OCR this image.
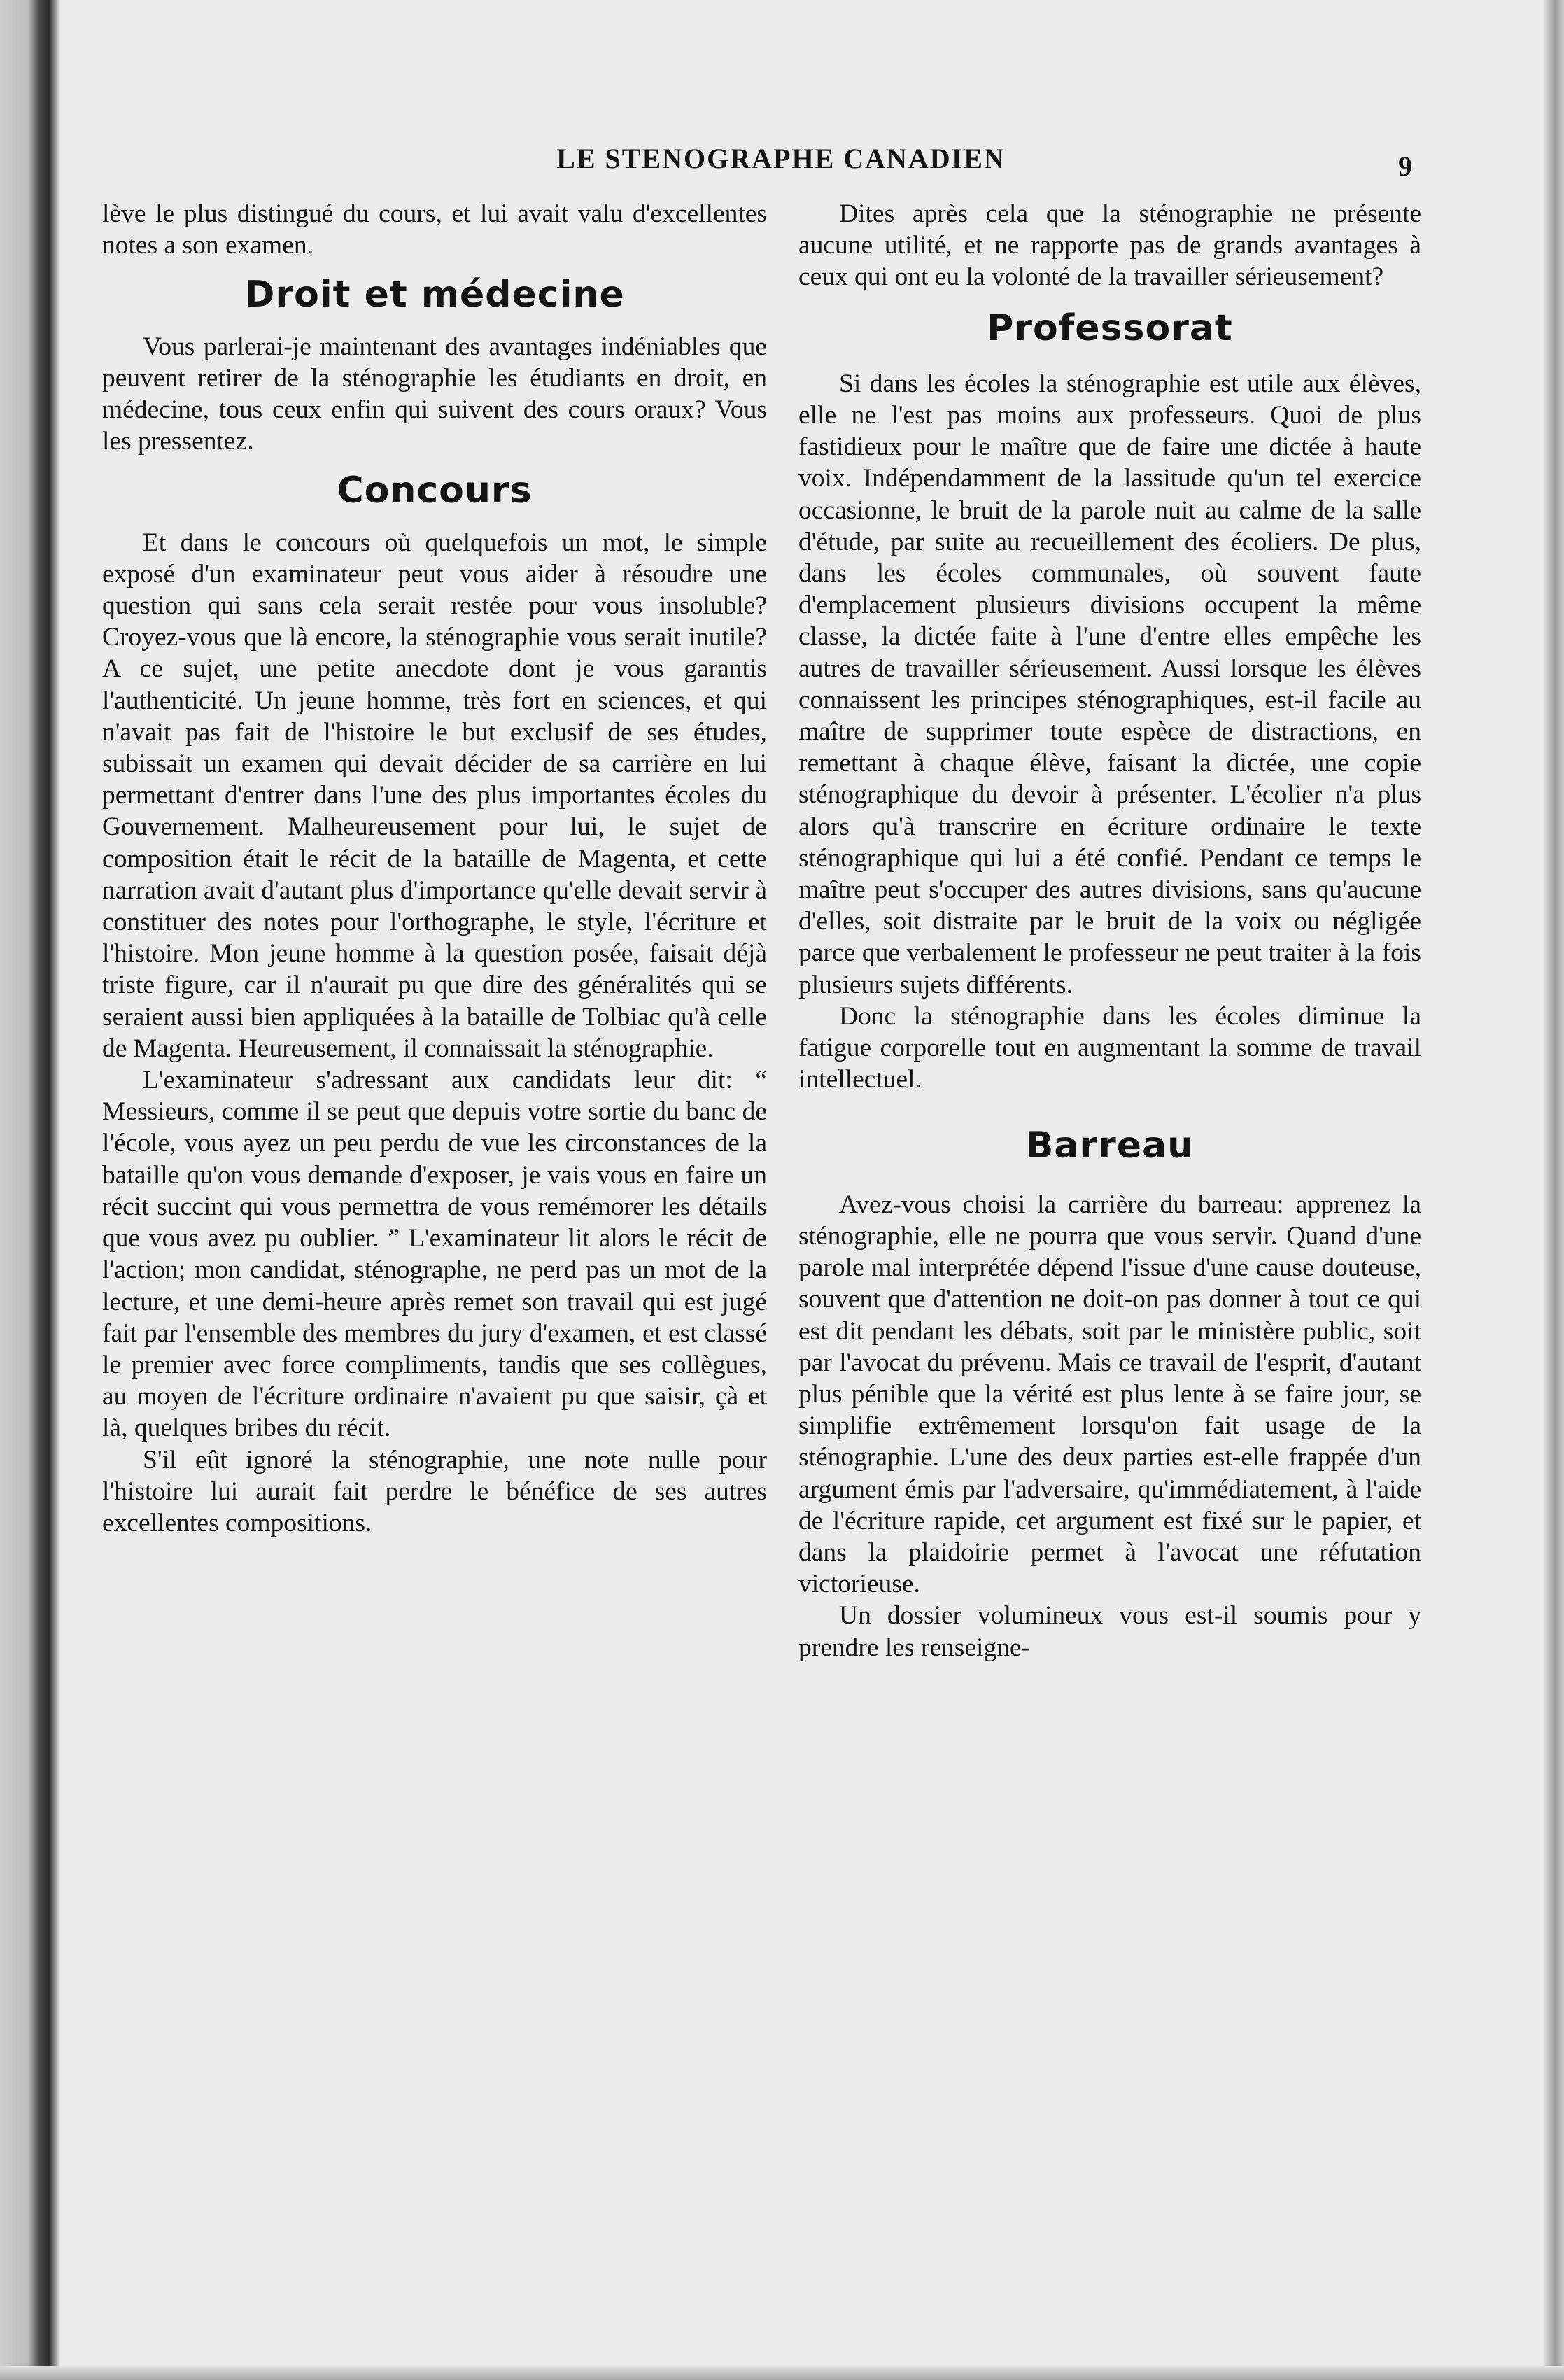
LE STENOGRAPHE CANADIEN	9

lève le plus distingué du cours, et lui avait valu d'excellentes notes a son examen.

Droit et médecine

Vous parlerai-je maintenant des avantages indéniables que peuvent retirer de la sténographie les étudiants en droit, en médecine, tous ceux enfin qui suivent des cours oraux? Vous les pressentez.

Concours

Et dans le concours où quelquefois un mot, le simple exposé d'un examinateur peut vous aider à résoudre une question qui sans cela serait restée pour vous insoluble? Croyez-vous que là encore, la sténographie vous serait inutile? A ce sujet, une petite anecdote dont je vous garantis l'authenticité. Un jeune homme, très fort en sciences, et qui n'avait pas fait de l'histoire le but exclusif de ses études, subissait un examen qui devait décider de sa carrière en lui permettant d'entrer dans l'une des plus importantes écoles du Gouvernement. Malheureusement pour lui, le sujet de composition était le récit de la bataille de Magenta, et cette narration avait d'autant plus d'importance qu'elle devait servir à constituer des notes pour l'orthographe, le style, l'écriture et l'histoire. Mon jeune homme à la question posée, faisait déjà triste figure, car il n'aurait pu que dire des généralités qui se seraient aussi bien appliquées à la bataille de Tolbiac qu'à celle de Magenta. Heureusement, il connaissait la sténographie.

L'examinateur s'adressant aux candidats leur dit: “ Messieurs, comme il se peut que depuis votre sortie du banc de l'école, vous ayez un peu perdu de vue les circonstances de la bataille qu'on vous demande d'exposer, je vais vous en faire un récit succint qui vous permettra de vous remémorer les détails que vous avez pu oublier. ” L'examinateur lit alors le récit de l'action; mon candidat, sténographe, ne perd pas un mot de la lecture, et une demi-heure après remet son travail qui est jugé fait par l'ensemble des membres du jury d'examen, et est classé le premier avec force compliments, tandis que ses collègues, au moyen de l'écriture ordinaire n'avaient pu que saisir, çà et là, quelques bribes du récit.

S'il eût ignoré la sténographie, une note nulle pour l'histoire lui aurait fait perdre le bénéfice de ses autres excellentes compositions.

Dites après cela que la sténographie ne présente aucune utilité, et ne rapporte pas de grands avantages à ceux qui ont eu la volonté de la travailler sérieusement?

Professorat

Si dans les écoles la sténographie est utile aux élèves, elle ne l'est pas moins aux professeurs. Quoi de plus fastidieux pour le maître que de faire une dictée à haute voix. Indépendamment de la lassitude qu'un tel exercice occasionne, le bruit de la parole nuit au calme de la salle d'étude, par suite au recueillement des écoliers. De plus, dans les écoles communales, où souvent faute d'emplacement plusieurs divisions occupent la même classe, la dictée faite à l'une d'entre elles empêche les autres de travailler sérieusement. Aussi lorsque les élèves connaissent les principes sténographiques, est-il facile au maître de supprimer toute espèce de distractions, en remettant à chaque élève, faisant la dictée, une copie sténographique du devoir à présenter. L'écolier n'a plus alors qu'à transcrire en écriture ordinaire le texte sténographique qui lui a été confié. Pendant ce temps le maître peut s'occuper des autres divisions, sans qu'aucune d'elles, soit distraite par le bruit de la voix ou négligée parce que verbalement le professeur ne peut traiter à la fois plusieurs sujets différents.

Donc la sténographie dans les écoles diminue la fatigue corporelle tout en augmentant la somme de travail intellectuel.

Barreau

Avez-vous choisi la carrière du barreau: apprenez la sténographie, elle ne pourra que vous servir. Quand d'une parole mal interprétée dépend l'issue d'une cause douteuse, souvent que d'attention ne doit-on pas donner à tout ce qui est dit pendant les débats, soit par le ministère public, soit par l'avocat du prévenu. Mais ce travail de l'esprit, d'autant plus pénible que la vérité est plus lente à se faire jour, se simplifie extrêmement lorsqu'on fait usage de la sténographie. L'une des deux parties est-elle frappée d'un argument émis par l'adversaire, qu'immédiatement, à l'aide de l'écriture rapide, cet argument est fixé sur le papier, et dans la plaidoirie permet à l'avocat une réfutation victorieuse.

Un dossier volumineux vous est-il soumis pour y prendre les renseigne-
